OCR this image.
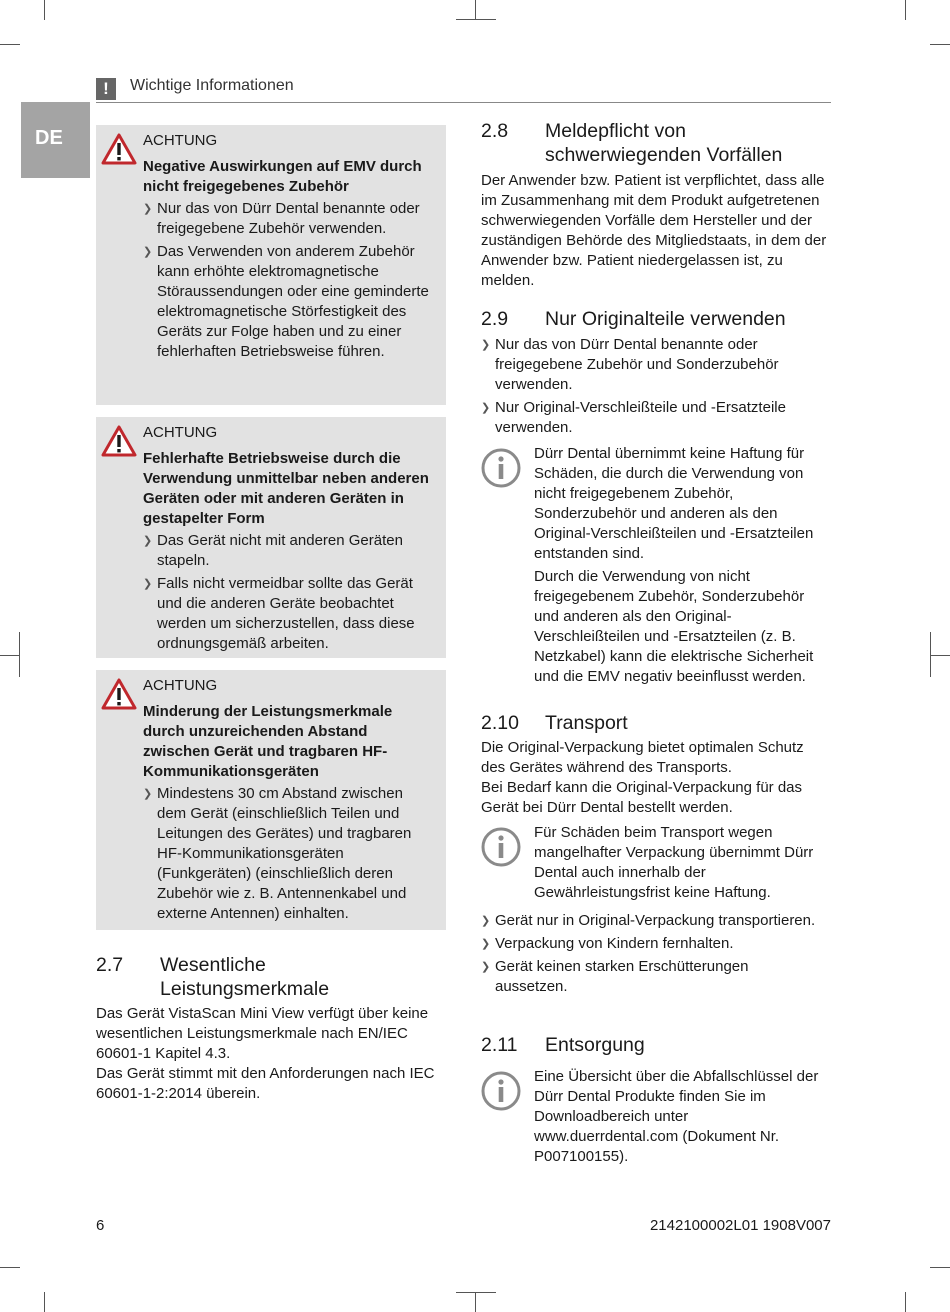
!	Wichtige Informationen
DE	ACHTUNG
Negative Auswirkungen auf EMV durch nicht freigegebenes Zubehör
❯ Nur das von Dürr Dental benannte oder freigegebene Zubehör verwenden.
❯ Das Verwenden von anderem Zubehör kann erhöhte elektromagnetische Störaussendungen oder eine geminderte elektromagnetische Störfestigkeit des Geräts zur Folge haben und zu einer fehlerhaften Betriebsweise führen.
ACHTUNG
Fehlerhafte Betriebsweise durch die Verwendung unmittelbar neben anderen Geräten oder mit anderen Geräten in gestapelter Form
❯ Das Gerät nicht mit anderen Geräten stapeln.
❯ Falls nicht vermeidbar sollte das Gerät und die anderen Geräte beobachtet werden um sicherzustellen, dass diese ordnungsgemäß arbeiten.
ACHTUNG
Minderung der Leistungsmerkmale durch unzureichenden Abstand zwischen Gerät und tragbaren HF- Kommunikationsgeräten
❯ Mindestens 30 cm Abstand zwischen dem Gerät (einschließlich Teilen und Leitungen des Gerätes) und tragbaren HF-Kommunikationsgeräten (Funkgeräten) (einschließlich deren Zubehör wie z. B. Antennenkabel und externe Antennen) einhalten.
2.7 Wesentliche Leistungsmerkmale
Das Gerät VistaScan Mini View verfügt über keine wesentlichen Leistungsmerkmale nach EN/IEC 60601-1 Kapitel 4.3.
Das Gerät stimmt mit den Anforderungen nach IEC 60601-1-2:2014 überein.
2.8 Meldepflicht von schwerwiegenden Vorfällen
Der Anwender bzw. Patient ist verpflichtet, dass alle im Zusammenhang mit dem Produkt aufgetretenen schwerwiegenden Vorfälle dem Hersteller und der zuständigen Behörde des Mitgliedstaats, in dem der Anwender bzw. Patient niedergelassen ist, zu melden.
2.9 Nur Originalteile verwenden
❯ Nur das von Dürr Dental benannte oder freigegebene Zubehör und Sonderzubehör verwenden.
❯ Nur Original-Verschleißteile und -Ersatzteile verwenden.

Dürr Dental übernimmt keine Haftung für Schäden, die durch die Verwendung von nicht freigegebenem Zubehör, Sonderzubehör und anderen als den Original-Verschleißteilen und -Ersatzteilen entstanden sind.

Durch die Verwendung von nicht freigegebenem Zubehör, Sonderzubehör und anderen als den Original-Verschleißteilen und -Ersatzteilen (z. B. Netzkabel) kann die elektrische Sicherheit und die EMV negativ beeinflusst werden.

2.10 Transport
Die Original-Verpackung bietet optimalen Schutz des Gerätes während des Transports.
Bei Bedarf kann die Original-Verpackung für das Gerät bei Dürr Dental bestellt werden.

Für Schäden beim Transport wegen mangelhafter Verpackung übernimmt Dürr Dental auch innerhalb der Gewährleistungsfrist keine Haftung.

❯ Gerät nur in Original-Verpackung transportieren.
❯ Verpackung von Kindern fernhalten.
❯ Gerät keinen starken Erschütterungen aussetzen.
2.11 Entsorgung

Eine Übersicht über die Abfallschlüssel der Dürr Dental Produkte finden Sie im Downloadbereich unter www.duerrdental.com (Dokument Nr. P007100155).

6	2142100002L01 1908V007
